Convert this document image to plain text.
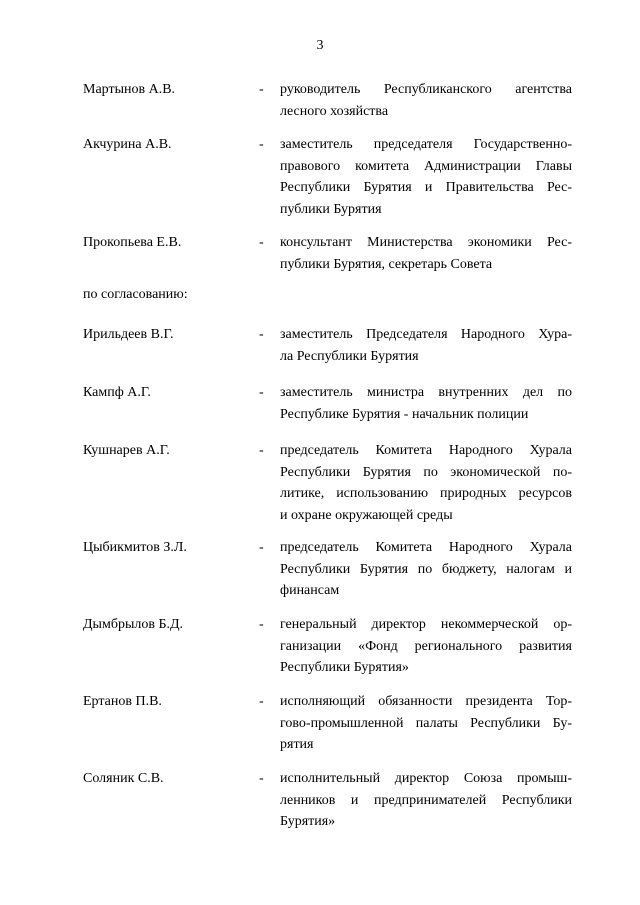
3
по согласованию:
Мартынов А.В.	- руководитель Республиканского агентства
лесного хозяйства
Акчурина А.В.	- заместитель председателя Государственно-
правового комитета Администрации Главы
Республики Бурятия и Правительства Рес-
публики Бурятия
Прокопьева Е.В.	- консультант Министерства экономики Рес-
публики Бурятия, секретарь Совета
Ирильдеев В.Г.	- заместитель Председателя Народного Хура-
ла Республики Бурятия
Кампф А.Г.	- заместитель министра внутренних дел по
Республике Бурятия - начальник полиции
Кушнарев А.Г.	- председатель Комитета Народного Хурала
Республики Бурятия по экономической по-
литике, использованию природных ресурсов
и охране окружающей среды
Цыбикмитов З.Л.	- председатель Комитета Народного Хурала
Республики Бурятия по бюджету, налогам и
финансам
Дымбрылов Б.Д.	- генеральный директор некоммерческой ор-
ганизации «Фонд регионального развития
Республики Бурятия»
Ертанов П.В.	- исполняющий обязанности президента Тор-
гово-промышленной палаты Республики Бу-
рятия
Соляник С.В.	- исполнительный директор Союза промыш-
ленников и предпринимателей Республики
Бурятия»
